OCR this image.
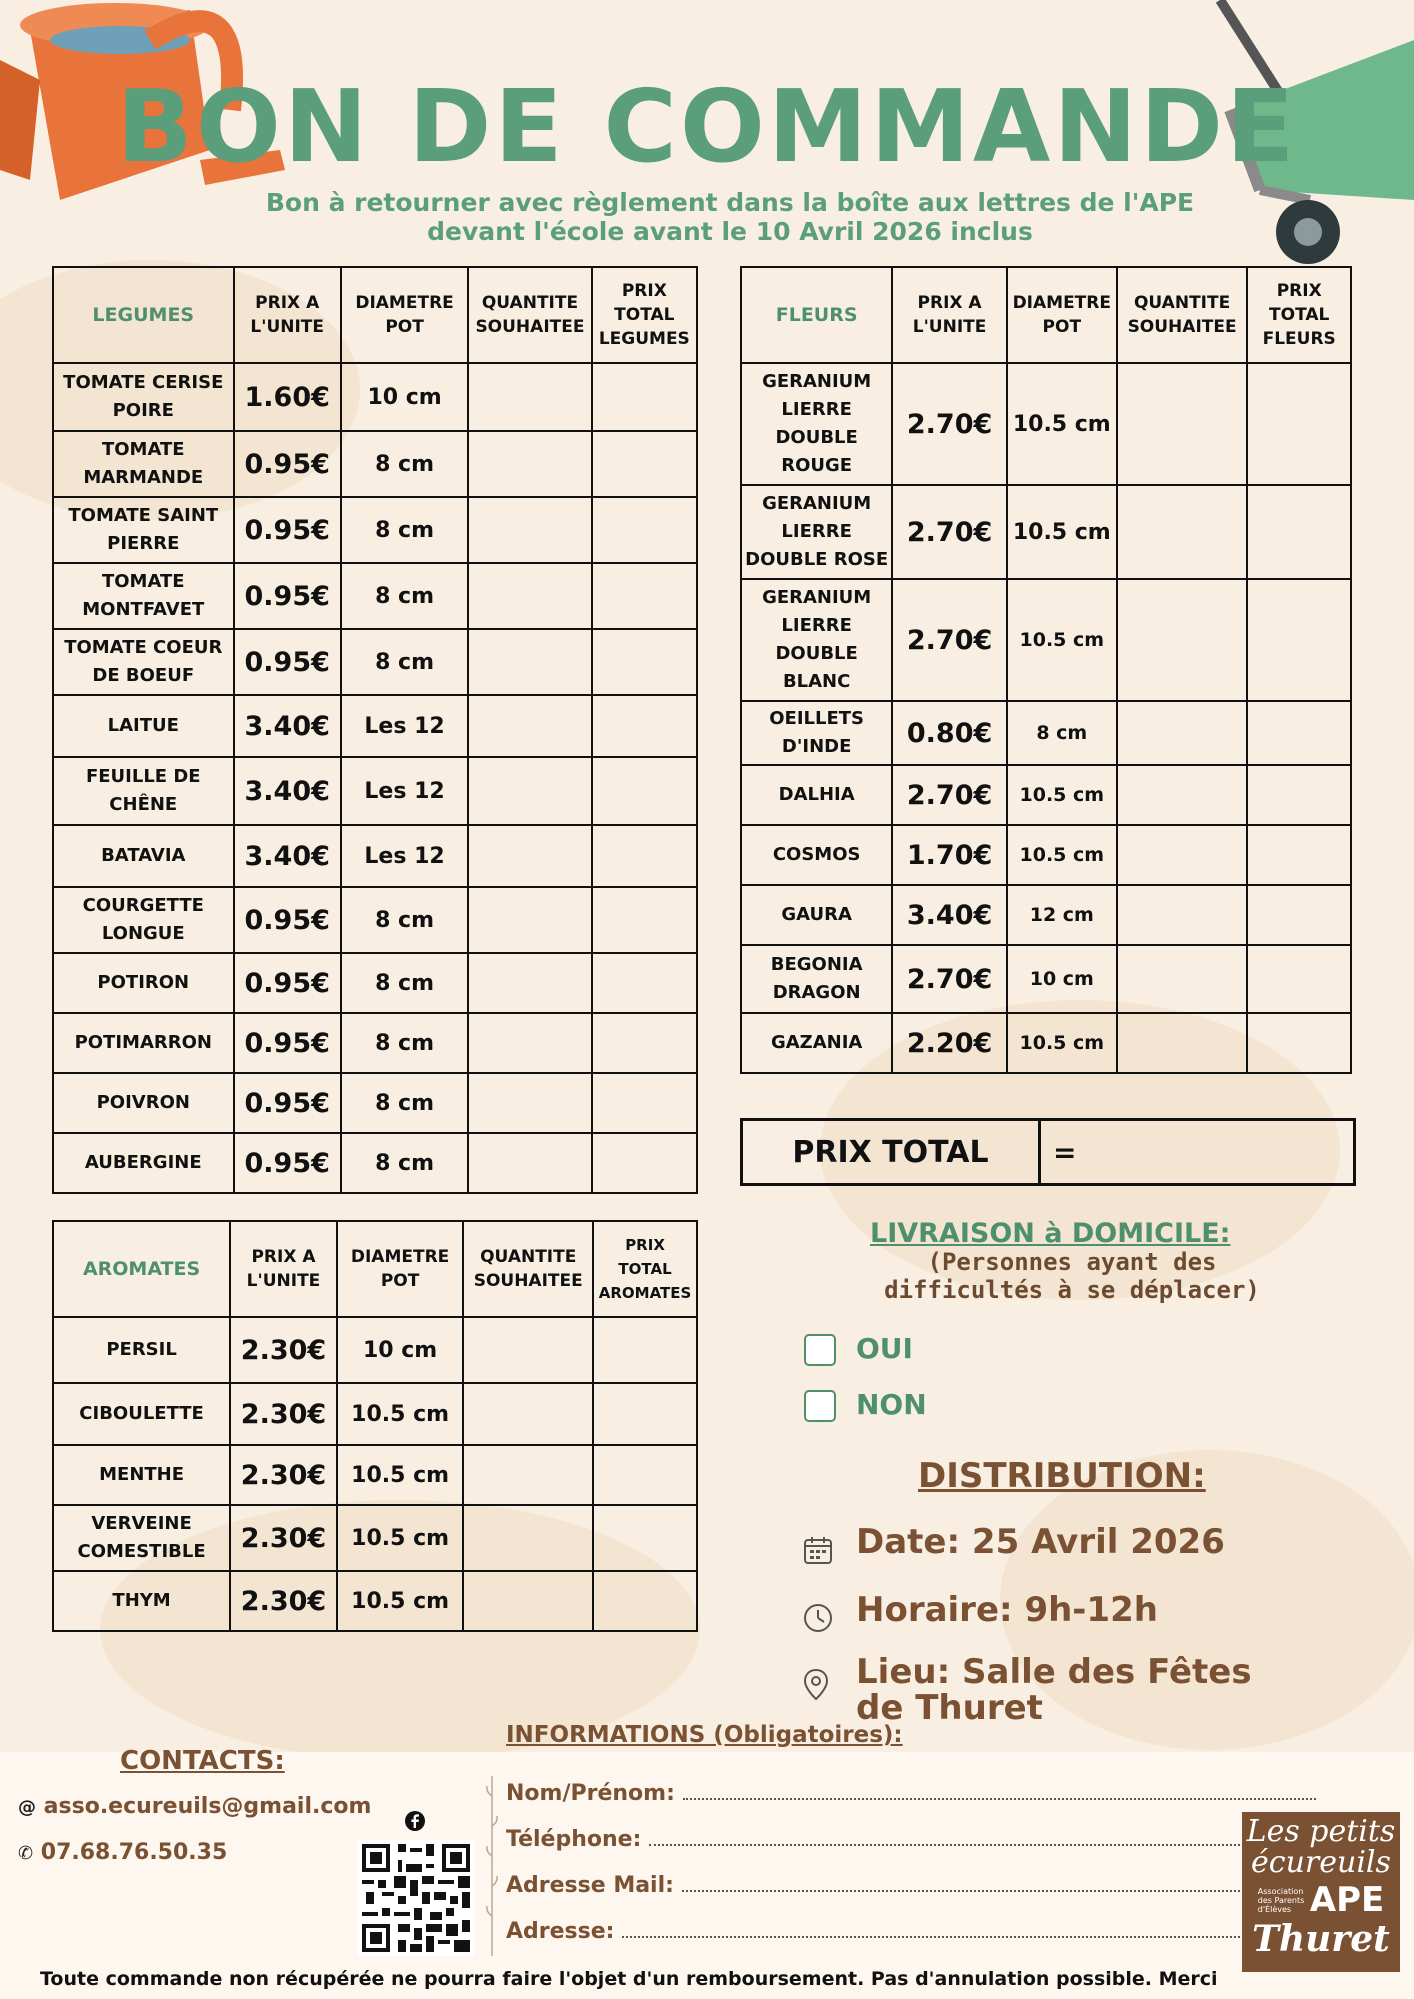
BON DE COMMANDE
Bon à retourner avec règlement dans la boîte aux lettres de l'APE
devant l'école avant le 10 Avril 2026 inclus
LEGUMES	PRIX A L'UNITE	DIAMETRE POT	QUANTITE SOUHAITEE	PRIX TOTAL LEGUMES
TOMATE CERISE POIRE	1.60€	10 cm		
TOMATE MARMANDE	0.95€	8 cm		
TOMATE SAINT PIERRE	0.95€	8 cm		
TOMATE MONTFAVET	0.95€	8 cm		
TOMATE COEUR DE BOEUF	0.95€	8 cm		
LAITUE	3.40€	Les 12		
FEUILLE DE CHÊNE	3.40€	Les 12		
BATAVIA	3.40€	Les 12		
COURGETTE LONGUE	0.95€	8 cm		
POTIRON	0.95€	8 cm		
POTIMARRON	0.95€	8 cm		
POIVRON	0.95€	8 cm		
AUBERGINE	0.95€	8 cm		
AROMATES	PRIX A L'UNITE	DIAMETRE POT	QUANTITE SOUHAITEE	PRIX TOTAL AROMATES
PERSIL	2.30€	10 cm		
CIBOULETTE	2.30€	10.5 cm		
MENTHE	2.30€	10.5 cm		
VERVEINE COMESTIBLE	2.30€	10.5 cm		
THYM	2.30€	10.5 cm		
FLEURS	PRIX A L'UNITE	DIAMETRE POT	QUANTITE SOUHAITEE	PRIX TOTAL FLEURS
GERANIUM LIERRE DOUBLE ROUGE	2.70€	10.5 cm		
GERANIUM LIERRE DOUBLE ROSE	2.70€	10.5 cm		
GERANIUM LIERRE DOUBLE BLANC	2.70€	10.5 cm		
OEILLETS D'INDE	0.80€	8 cm		
DALHIA	2.70€	10.5 cm		
COSMOS	1.70€	10.5 cm		
GAURA	3.40€	12 cm		
BEGONIA DRAGON	2.70€	10 cm		
GAZANIA	2.20€	10.5 cm		
PRIX TOTAL	=
LIVRAISON à DOMICILE:
(Personnes ayant des
difficultés à se déplacer)
OUI
NON
DISTRIBUTION:
Date: 25 Avril 2026
Horaire: 9h-12h
Lieu: Salle des Fêtes
de Thuret
CONTACTS:
@ asso.ecureuils@gmail.com
✆ 07.68.76.50.35
INFORMATIONS (Obligatoires):
Nom/Prénom:
Téléphone:
Adresse Mail:
Adresse:
Les petits
écureuils
Association des Parents d'Élèves APE
Thuret
Toute commande non récupérée ne pourra faire l'objet d'un remboursement. Pas d'annulation possible. Merci
